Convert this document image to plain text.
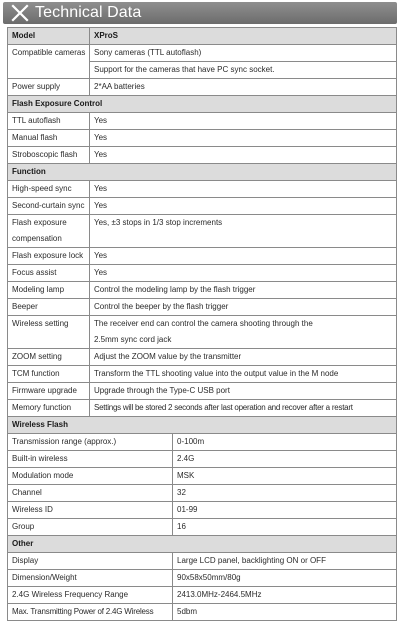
Technical Data
Model	XProS	
Compatible cameras	Sony cameras (TTL autoflash)	
	Support for the cameras that have PC sync socket.	
Power supply	2*AA batteries	
Flash Exposure Control		
TTL autoflash	Yes	
Manual flash	Yes	
Stroboscopic flash	Yes	
Function		
High-speed sync	Yes	
Second-curtain sync	Yes	

Flash exposure
compensation	Yes, ±3 stops in 1/3 stop increments	
Flash exposure lock	Yes	
Focus assist	Yes	
Modeling lamp	Control the modeling lamp by the flash trigger	
Beeper	Control the beeper by the flash trigger	
Wireless setting	The receiver end can control the camera shooting through the
2.5mm sync cord jack	

ZOOM setting	Adjust the ZOOM value by the transmitter	
TCM function	Transform the TTL shooting value into the output value in the M node	
Firmware upgrade	Upgrade through the Type-C USB port	
Memory function	Settings will be stored 2 seconds after last operation and recover after a restart	
Wireless Flash		
Transmission range (approx.)		0-100m
Built-in wireless		2.4G
Modulation mode		MSK
Channel		32
Wireless ID		01-99
Group		16
Other		
Display		Large LCD panel, backlighting ON or OFF
Dimension/Weight		90x58x50mm/80g
2.4G Wireless Frequency Range		2413.0MHz-2464.5MHz
Max. Transmitting Power of 2.4G Wireless		5dbm
